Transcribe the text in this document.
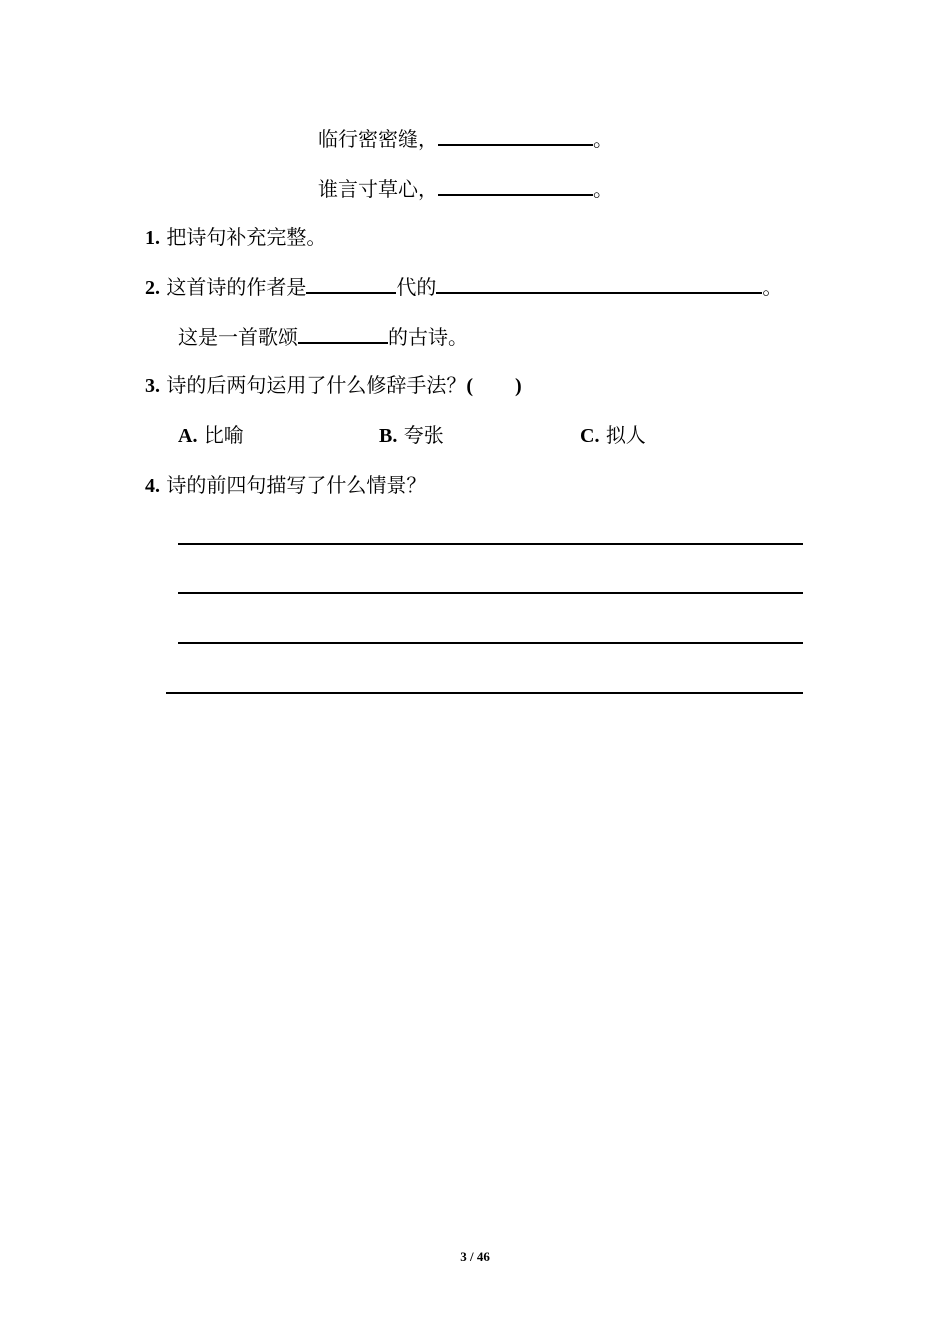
临行密密缝，	。
谁言寸草心，	。
1. 把诗句补充完整。
2. 这首诗的作者是	代的	。
这是一首歌颂	的古诗。
3. 诗的后两句运用了什么修辞手法？( )
A. 比喻	B. 夸张	C. 拟人
4. 诗的前四句描写了什么情景？
3 / 46
